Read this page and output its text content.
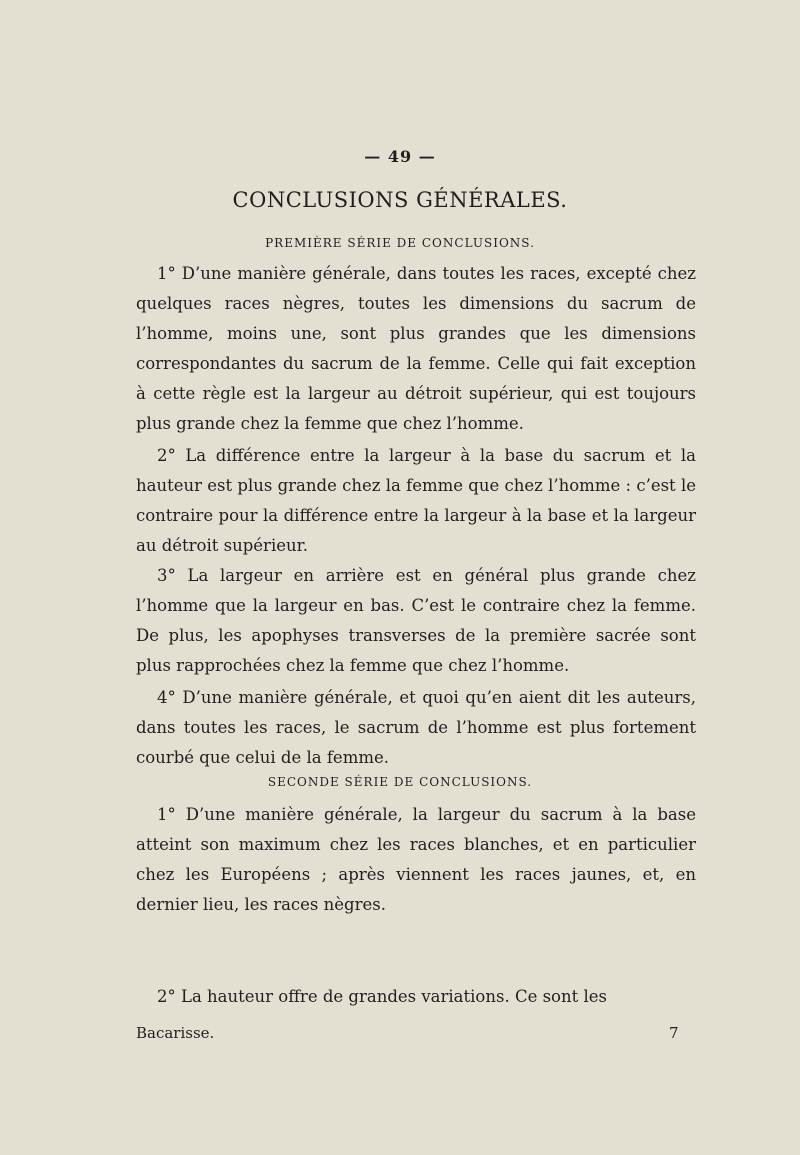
— 49 —
CONCLUSIONS GÉNÉRALES.
PREMIÈRE SÉRIE DE CONCLUSIONS.

1° D’une manière générale, dans toutes les races, excepté chez quelques races nègres, toutes les dimensions du sacrum de l’homme, moins une, sont plus grandes que les dimensions correspondantes du sacrum de la femme. Celle qui fait exception à cette règle est la largeur au détroit supérieur, qui est toujours plus grande chez la femme que chez l’homme.

2° La différence entre la largeur à la base du sacrum et la hauteur est plus grande chez la femme que chez l’homme : c’est le contraire pour la différence entre la largeur à la base et la largeur au détroit supérieur.

3° La largeur en arrière est en général plus grande chez l’homme que la largeur en bas. C’est le contraire chez la femme. De plus, les apophyses transverses de la première sacrée sont plus rapprochées chez la femme que chez l’homme.

4° D’une manière générale, et quoi qu’en aient dit les auteurs, dans toutes les races, le sacrum de l’homme est plus fortement courbé que celui de la femme.

SECONDE SÉRIE DE CONCLUSIONS.

1° D’une manière générale, la largeur du sacrum à la base atteint son maximum chez les races blanches, et en particulier chez les Européens ; après viennent les races jaunes, et, en dernier lieu, les races nègres.

2° La hauteur offre de grandes variations. Ce sont les

Bacarisse.	7
